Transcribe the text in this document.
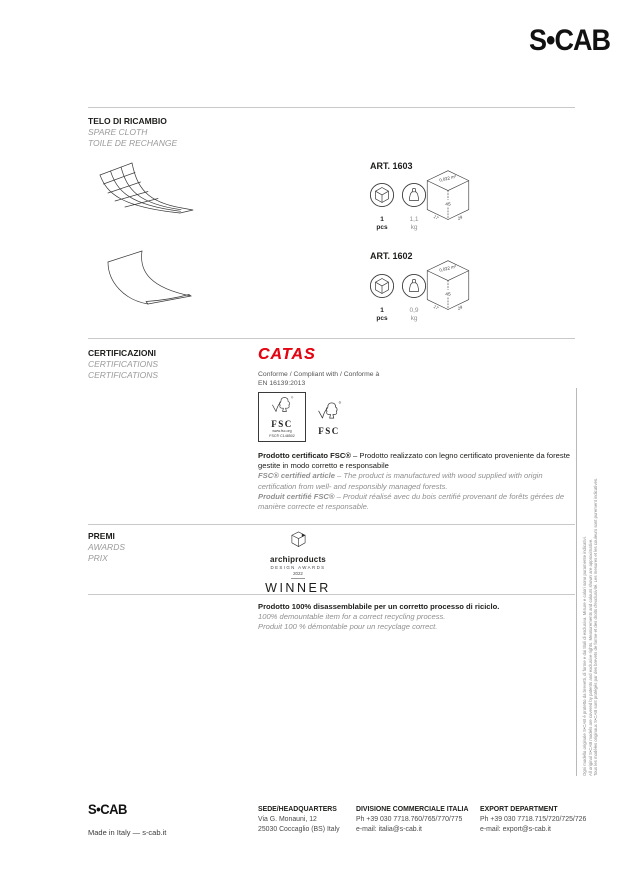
S•CAB
TELO DI RICAMBIO
SPARE CLOTH
TOILE DE RECHANGE
ART. 1603
1
pcs
1,1
kg
0,022 m³
45
17	29
ART. 1602
1
pcs
0,9
kg
0,022 m³
45
17	29
CERTIFICAZIONI
CERTIFICATIONS
CERTIFICATIONS
CATAS
Conforme / Compliant with / Conforme à
EN 16139:2013
®
FSC
www.fsc.org
FSC® C148502
®
FSC
Prodotto certificato FSC® – Prodotto realizzato con legno certificato proveniente da foreste gestite in modo corretto e responsabile
FSC® certified article – The product is manufactured with wood supplied with origin certification from well- and responsibly managed forests.
Produit certifié FSC® – Produit réalisé avec du bois certifié provenant de forêts gérées de manière correcte et responsable.
PREMI
AWARDS
PRIX	archiproducts
DESIGN AWARDS
2022
WINNER
Prodotto 100% disassemblabile per un corretto processo di riciclo.
100% demountable item for a correct recycling process.
Produit 100 % démontable pour un recyclage correct.	Ogni modello originale S•CAB è protetto da brevetti, di forme e dai titoli di esclusiva. Misure e colori sono puramente indicativi. All original S•CAB models are covered by patents and exclusive rights. Measurements and colours shown are approximative. Tous les modèles originaux S•CAB sont protégés par des brevets de forme et des droits d'exclusivité. Les mesures et les couleurs sont purement indicatives.
S•CAB
Made in Italy — s-cab.it
SEDE/HEADQUARTERS
Via G. Monauni, 12
25030 Coccaglio (BS) Italy
DIVISIONE COMMERCIALE ITALIA
Ph +39 030 7718.760/765/770/775
e-mail: italia@s-cab.it
EXPORT DEPARTMENT
Ph +39 030 7718.715/720/725/726
e-mail: export@s-cab.it
